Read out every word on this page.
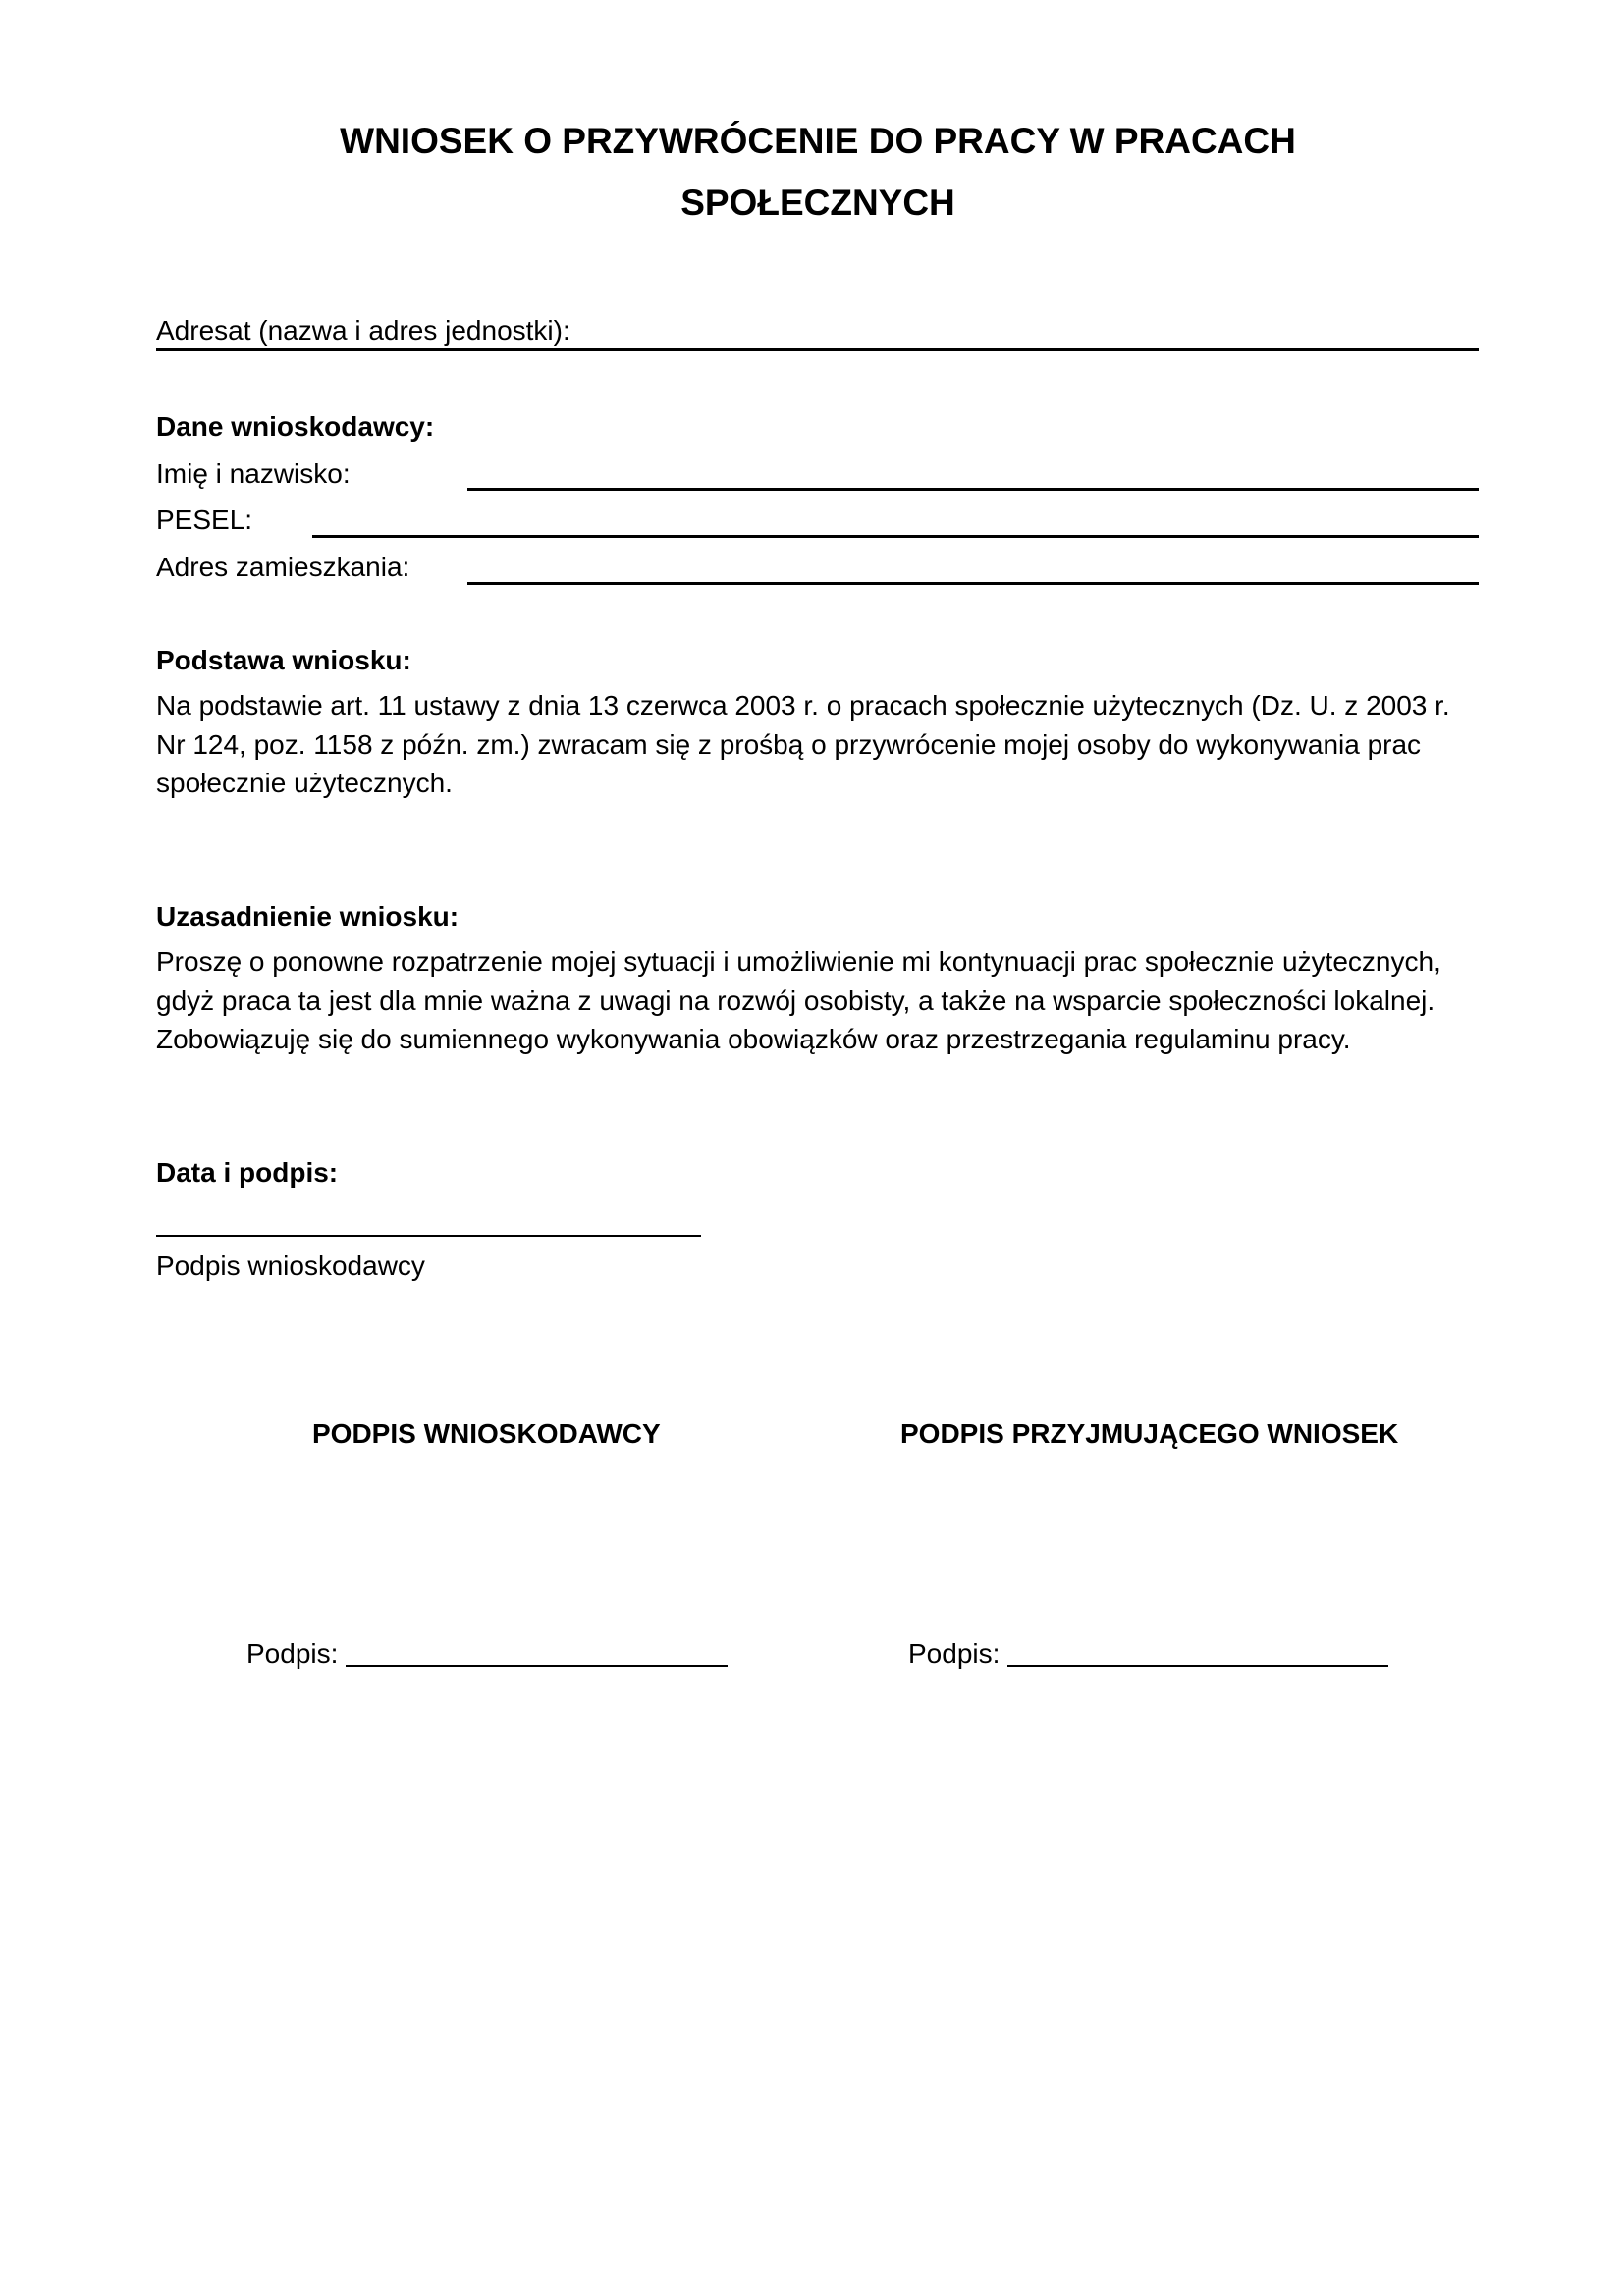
WNIOSEK O PRZYWRÓCENIE DO PRACY W PRACACH
SPOŁECZNYCH
Adresat (nazwa i adres jednostki):
Dane wnioskodawcy:
Imię i nazwisko:
PESEL:
Adres zamieszkania:
Podstawa wniosku:

Na podstawie art. 11 ustawy z dnia 13 czerwca 2003 r. o pracach społecznie użytecznych (Dz. U. z 2003 r.
Nr 124, poz. 1158 z późn. zm.) zwracam się z prośbą o przywrócenie mojej osoby do wykonywania prac
społecznie użytecznych.

Uzasadnienie wniosku:

Proszę o ponowne rozpatrzenie mojej sytuacji i umożliwienie mi kontynuacji prac społecznie użytecznych,
gdyż praca ta jest dla mnie ważna z uwagi na rozwój osobisty, a także na wsparcie społeczności lokalnej.
Zobowiązuję się do sumiennego wykonywania obowiązków oraz przestrzegania regulaminu pracy.

Data i podpis:
Podpis wnioskodawcy
PODPIS WNIOSKODAWCY	PODPIS PRZYJMUJĄCEGO WNIOSEK
Podpis:	Podpis:
